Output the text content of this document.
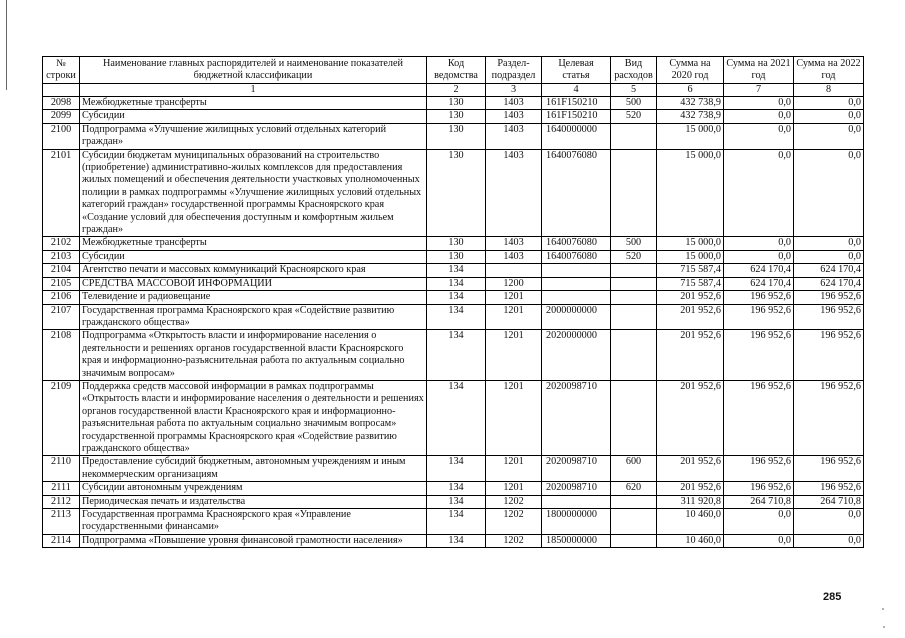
№ строки	Наименование главных распорядителей и наименование показателей бюджетной классификации	Код ведомства	Раздел-подраздел	Целевая статья	Вид расходов	Сумма на 2020 год	Сумма на 2021 год	Сумма на 2022 год
	1	2	3	4	5	6	7	8
2098	Межбюджетные трансферты	130	1403	161F150210	500	432 738,9	0,0	0,0
2099	Субсидии	130	1403	161F150210	520	432 738,9	0,0	0,0
2100	Подпрограмма «Улучшение жилищных условий отдельных категорий граждан»	130	1403	1640000000		15 000,0	0,0	0,0
2101	Субсидии бюджетам муниципальных образований на строительство (приобретение) административно-жилых комплексов для предоставления жилых помещений и обеспечения деятельности участковых уполномоченных полиции в рамках подпрограммы «Улучшение жилищных условий отдельных категорий граждан» государственной программы Красноярского края «Создание условий для обеспечения доступным и комфортным жильем граждан»	130	1403	1640076080		15 000,0	0,0	0,0
2102	Межбюджетные трансферты	130	1403	1640076080	500	15 000,0	0,0	0,0
2103	Субсидии	130	1403	1640076080	520	15 000,0	0,0	0,0
2104	Агентство печати и массовых коммуникаций Красноярского края	134				715 587,4	624 170,4	624 170,4
2105	СРЕДСТВА МАССОВОЙ ИНФОРМАЦИИ	134	1200			715 587,4	624 170,4	624 170,4
2106	Телевидение и радиовещание	134	1201			201 952,6	196 952,6	196 952,6
2107	Государственная программа Красноярского края «Содействие развитию гражданского общества»	134	1201	2000000000		201 952,6	196 952,6	196 952,6
2108	Подпрограмма «Открытость власти и информирование населения о деятельности и решениях органов государственной власти Красноярского края и информационно-разъяснительная работа по актуальным социально значимым вопросам»	134	1201	2020000000		201 952,6	196 952,6	196 952,6
2109	Поддержка средств массовой информации в рамках подпрограммы «Открытость власти и информирование населения о деятельности и решениях органов государственной власти Красноярского края и информационно-разъяснительная работа по актуальным социально значимым вопросам» государственной программы Красноярского края «Содействие развитию гражданского общества»	134	1201	2020098710		201 952,6	196 952,6	196 952,6
2110	Предоставление субсидий бюджетным, автономным учреждениям и иным некоммерческим организациям	134	1201	2020098710	600	201 952,6	196 952,6	196 952,6
2111	Субсидии автономным учреждениям	134	1201	2020098710	620	201 952,6	196 952,6	196 952,6
2112	Периодическая печать и издательства	134	1202			311 920,8	264 710,8	264 710,8
2113	Государственная программа Красноярского края «Управление государственными финансами»	134	1202	1800000000		10 460,0	0,0	0,0
2114	Подпрограмма «Повышение уровня финансовой грамотности населения»	134	1202	1850000000		10 460,0	0,0	0,0
285
